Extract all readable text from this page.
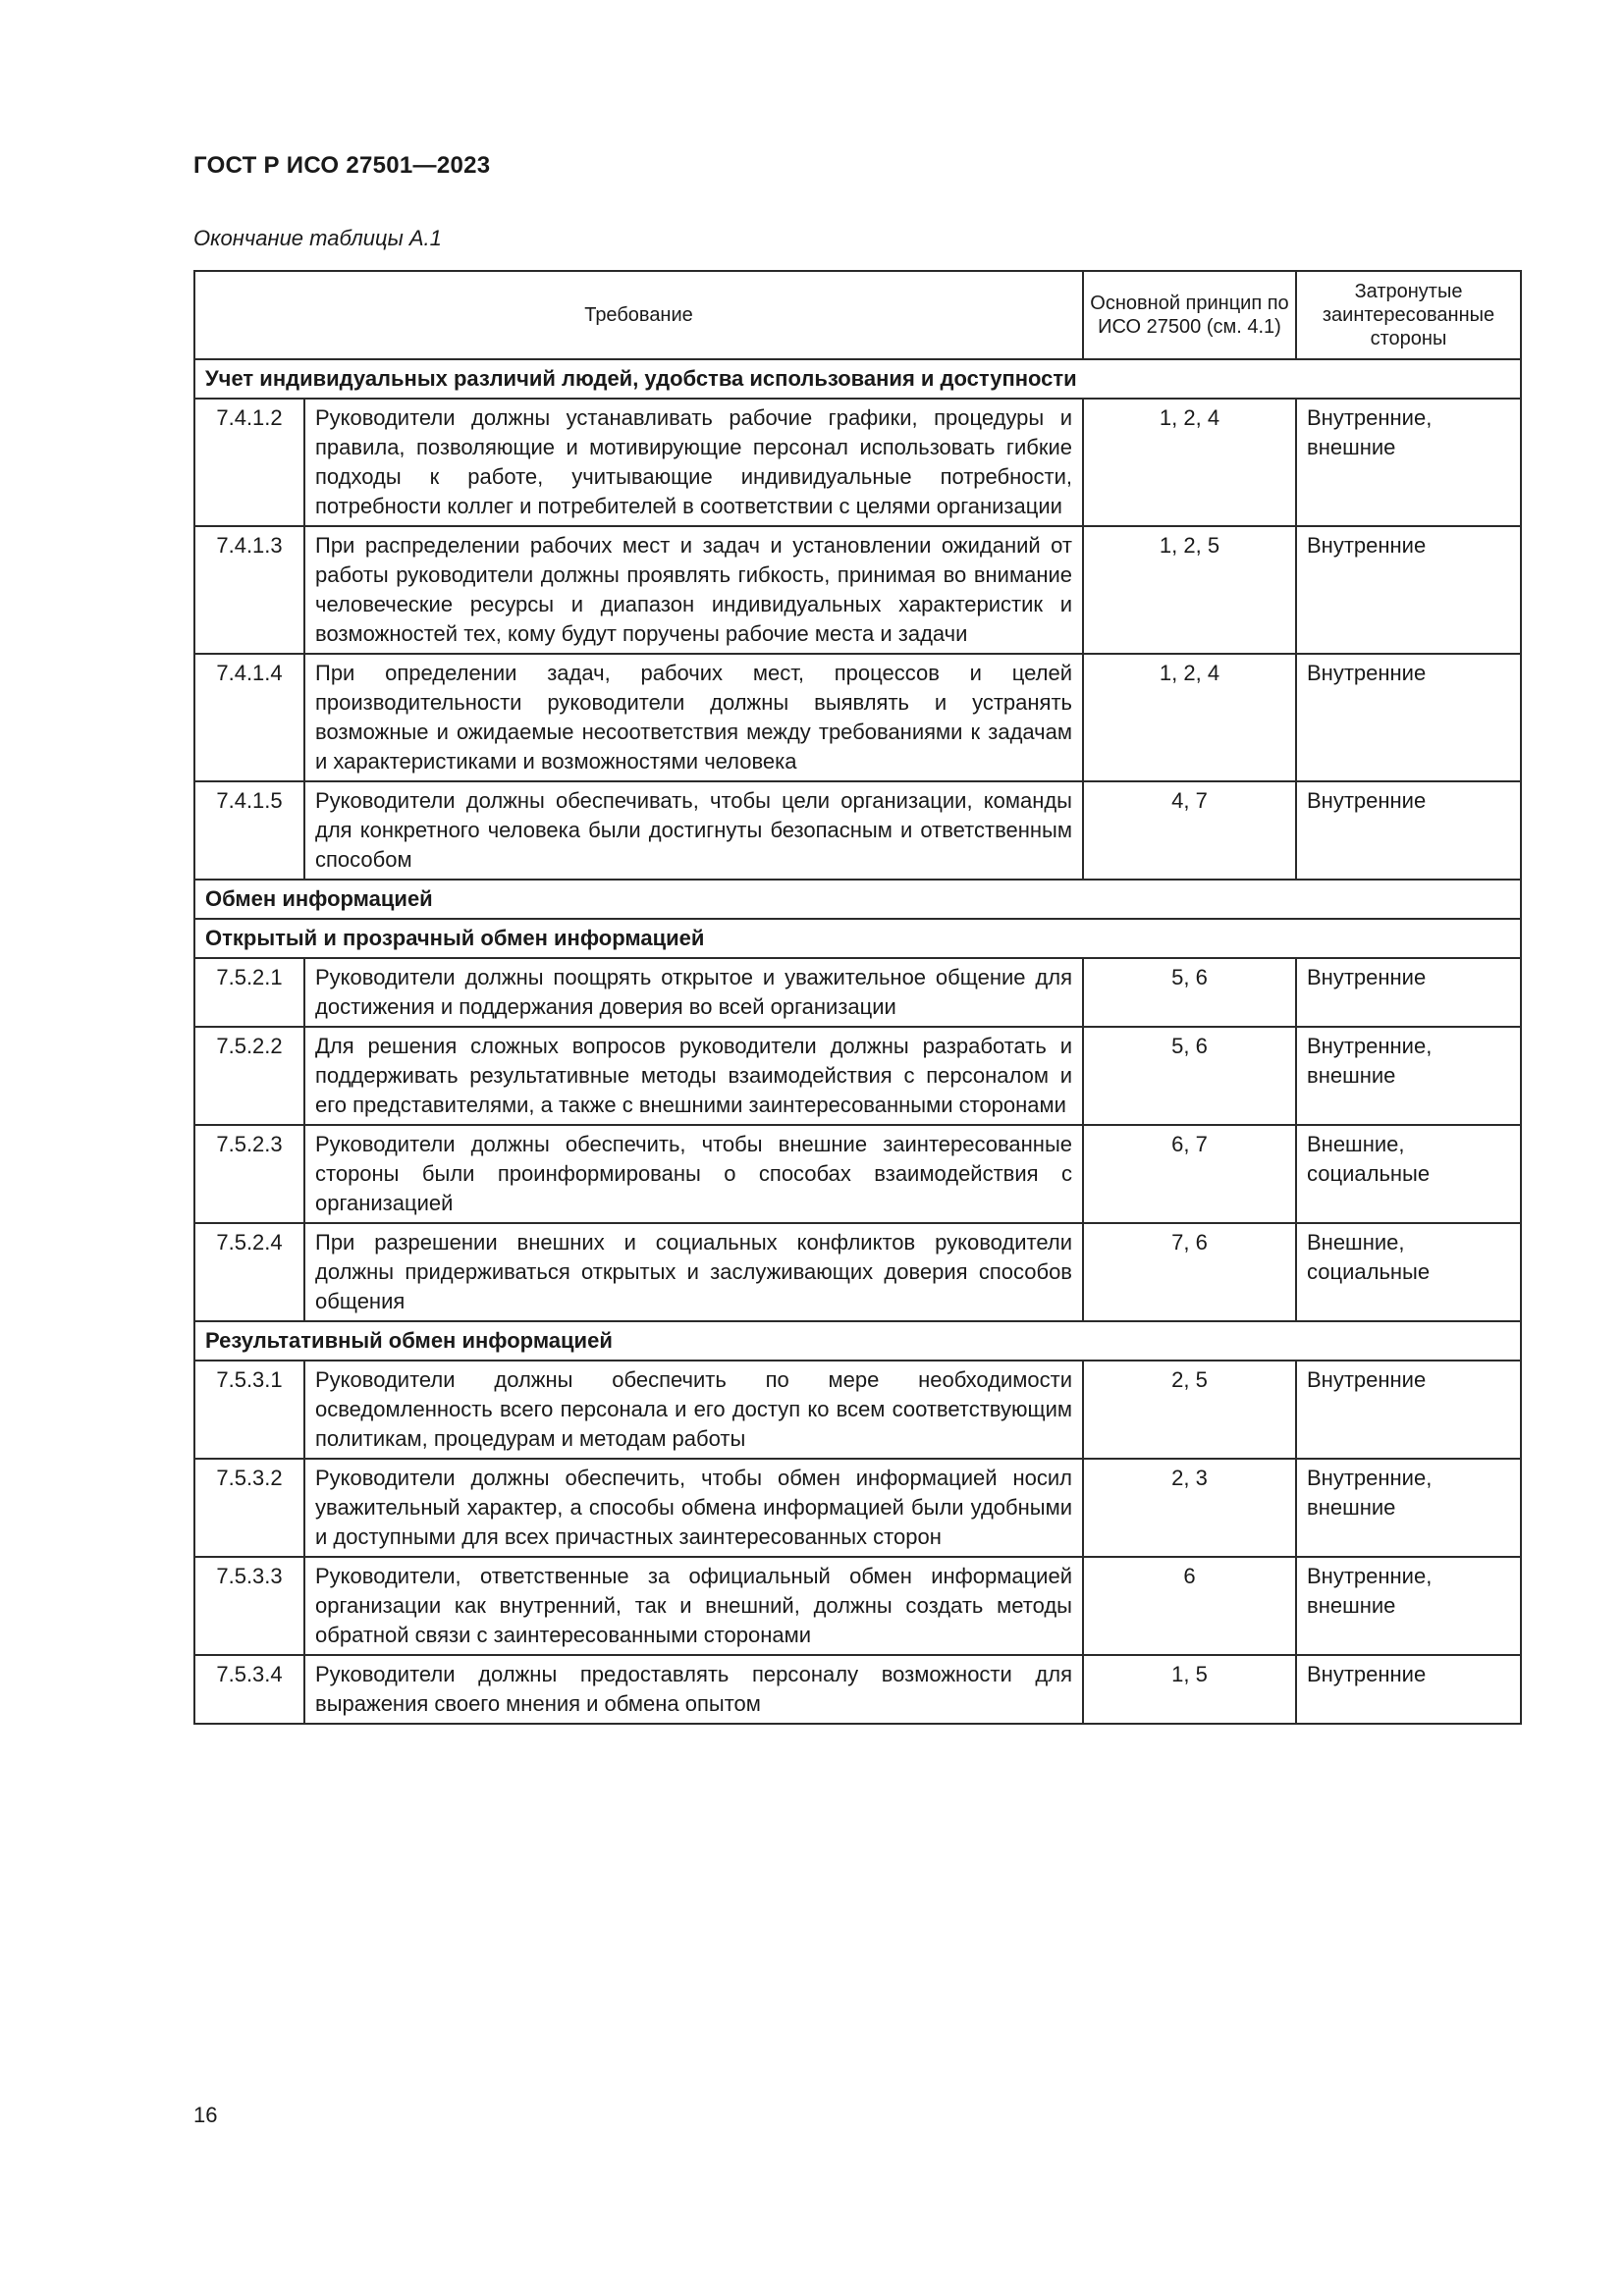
ГОСТ Р ИСО 27501—2023
Окончание таблицы А.1
Требование		Основной принцип по ИСО 27500 (см. 4.1)	Затронутые заинтересованные стороны
Учет индивидуальных различий людей, удобства использования и доступности			
7.4.1.2	Руководители должны устанавливать рабочие графики, процедуры и правила, позволяющие и мотивирующие персонал использовать гибкие подходы к работе, учитывающие индивидуальные потребности, потребности коллег и потребителей в соответствии с целями организации	1, 2, 4	Внутренние, внешние
7.4.1.3	При распределении рабочих мест и задач и установлении ожиданий от работы руководители должны проявлять гибкость, принимая во внимание человеческие ресурсы и диапазон индивидуальных характеристик и возможностей тех, кому будут поручены рабочие места и задачи	1, 2, 5	Внутренние
7.4.1.4	При определении задач, рабочих мест, процессов и целей производительности руководители должны выявлять и устранять возможные и ожидаемые несоответствия между требованиями к задачам и характеристиками и возможностями человека	1, 2, 4	Внутренние
7.4.1.5	Руководители должны обеспечивать, чтобы цели организации, команды для конкретного человека были достигнуты безопасным и ответственным способом	4, 7	Внутренние
Обмен информацией			
Открытый и прозрачный обмен информацией			
7.5.2.1	Руководители должны поощрять открытое и уважительное общение для достижения и поддержания доверия во всей организации	5, 6	Внутренние
7.5.2.2	Для решения сложных вопросов руководители должны разработать и поддерживать результативные методы взаимодействия с персоналом и его представителями, а также с внешними заинтересованными сторонами	5, 6	Внутренние, внешние
7.5.2.3	Руководители должны обеспечить, чтобы внешние заинтересованные стороны были проинформированы о способах взаимодействия с организацией	6, 7	Внешние, социальные
7.5.2.4	При разрешении внешних и социальных конфликтов руководители должны придерживаться открытых и заслуживающих доверия способов общения	7, 6	Внешние, социальные
Результативный обмен информацией			
7.5.3.1	Руководители должны обеспечить по мере необходимости осведомленность всего персонала и его доступ ко всем соответствующим политикам, процедурам и методам работы	2, 5	Внутренние
7.5.3.2	Руководители должны обеспечить, чтобы обмен информацией носил уважительный характер, а способы обмена информацией были удобными и доступными для всех причастных заинтересованных сторон	2, 3	Внутренние, внешние
7.5.3.3	Руководители, ответственные за официальный обмен информацией организации как внутренний, так и внешний, должны создать методы обратной связи с заинтересованными сторонами	6	Внутренние, внешние
7.5.3.4	Руководители должны предоставлять персоналу возможности для выражения своего мнения и обмена опытом	1, 5	Внутренние
16
